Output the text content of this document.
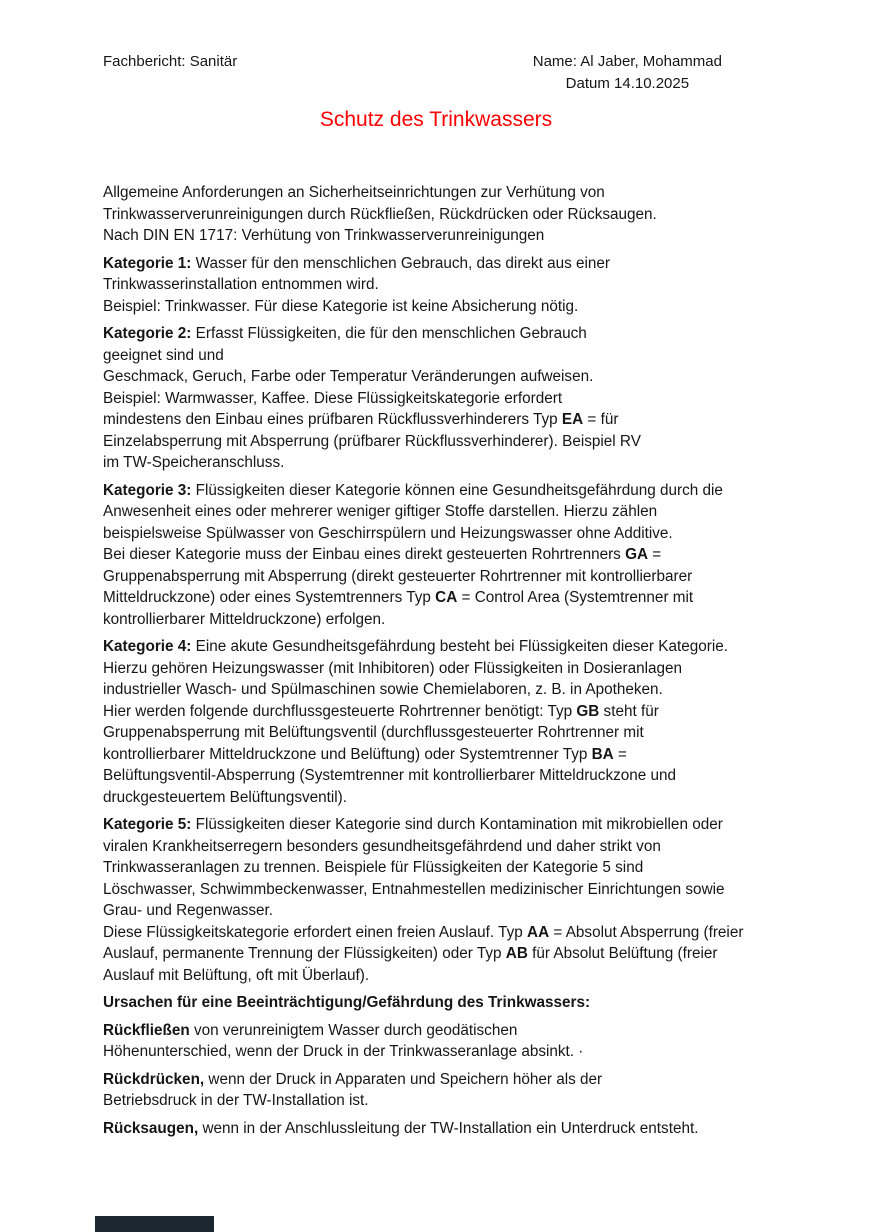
Fachbericht: Sanitär	Name: Al Jaber, Mohammad
Datum 14.10.2025
Schutz des Trinkwassers
Allgemeine Anforderungen an Sicherheitseinrichtungen zur Verhütung von
Trinkwasserverunreinigungen durch Rückfließen, Rückdrücken oder Rücksaugen.
Nach DIN EN 1717: Verhütung von Trinkwasserverunreinigungen
Kategorie 1: Wasser für den menschlichen Gebrauch, das direkt aus einer
Trinkwasserinstallation entnommen wird.
Beispiel: Trinkwasser. Für diese Kategorie ist keine Absicherung nötig.
Kategorie 2: Erfasst Flüssigkeiten, die für den menschlichen Gebrauch
geeignet sind und
Geschmack, Geruch, Farbe oder Temperatur Veränderungen aufweisen.
Beispiel: Warmwasser, Kaffee. Diese Flüssigkeitskategorie erfordert
mindestens den Einbau eines prüfbaren Rückflussverhinderers Typ EA = für
Einzelabsperrung mit Absperrung (prüfbarer Rückflussverhinderer). Beispiel RV
im TW-Speicheranschluss.
Kategorie 3: Flüssigkeiten dieser Kategorie können eine Gesundheitsgefährdung durch die
Anwesenheit eines oder mehrerer weniger giftiger Stoffe darstellen. Hierzu zählen
beispielsweise Spülwasser von Geschirrspülern und Heizungswasser ohne Additive.
Bei dieser Kategorie muss der Einbau eines direkt gesteuerten Rohrtrenners GA =
Gruppenabsperrung mit Absperrung (direkt gesteuerter Rohrtrenner mit kontrollierbarer
Mitteldruckzone) oder eines Systemtrenners Typ CA = Control Area (Systemtrenner mit
kontrollierbarer Mitteldruckzone) erfolgen.
Kategorie 4: Eine akute Gesundheitsgefährdung besteht bei Flüssigkeiten dieser Kategorie.
Hierzu gehören Heizungswasser (mit Inhibitoren) oder Flüssigkeiten in Dosieranlagen
industrieller Wasch- und Spülmaschinen sowie Chemielaboren, z. B. in Apotheken.
Hier werden folgende durchflussgesteuerte Rohrtrenner benötigt: Typ GB steht für
Gruppenabsperrung mit Belüftungsventil (durchflussgesteuerter Rohrtrenner mit
kontrollierbarer Mitteldruckzone und Belüftung) oder Systemtrenner Typ BA =
Belüftungsventil-Absperrung (Systemtrenner mit kontrollierbarer Mitteldruckzone und
druckgesteuertem Belüftungsventil).
Kategorie 5: Flüssigkeiten dieser Kategorie sind durch Kontamination mit mikrobiellen oder
viralen Krankheitserregern besonders gesundheitsgefährdend und daher strikt von
Trinkwasseranlagen zu trennen. Beispiele für Flüssigkeiten der Kategorie 5 sind
Löschwasser, Schwimmbeckenwasser, Entnahmestellen medizinischer Einrichtungen sowie
Grau- und Regenwasser.
Diese Flüssigkeitskategorie erfordert einen freien Auslauf. Typ AA = Absolut Absperrung (freier
Auslauf, permanente Trennung der Flüssigkeiten) oder Typ AB für Absolut Belüftung (freier
Auslauf mit Belüftung, oft mit Überlauf).
Ursachen für eine Beeinträchtigung/Gefährdung des Trinkwassers:
Rückfließen von verunreinigtem Wasser durch geodätischen
Höhenunterschied, wenn der Druck in der Trinkwasseranlage absinkt. ·
Rückdrücken, wenn der Druck in Apparaten und Speichern höher als der
Betriebsdruck in der TW-Installation ist.
Rücksaugen, wenn in der Anschlussleitung der TW-Installation ein Unterdruck entsteht.
